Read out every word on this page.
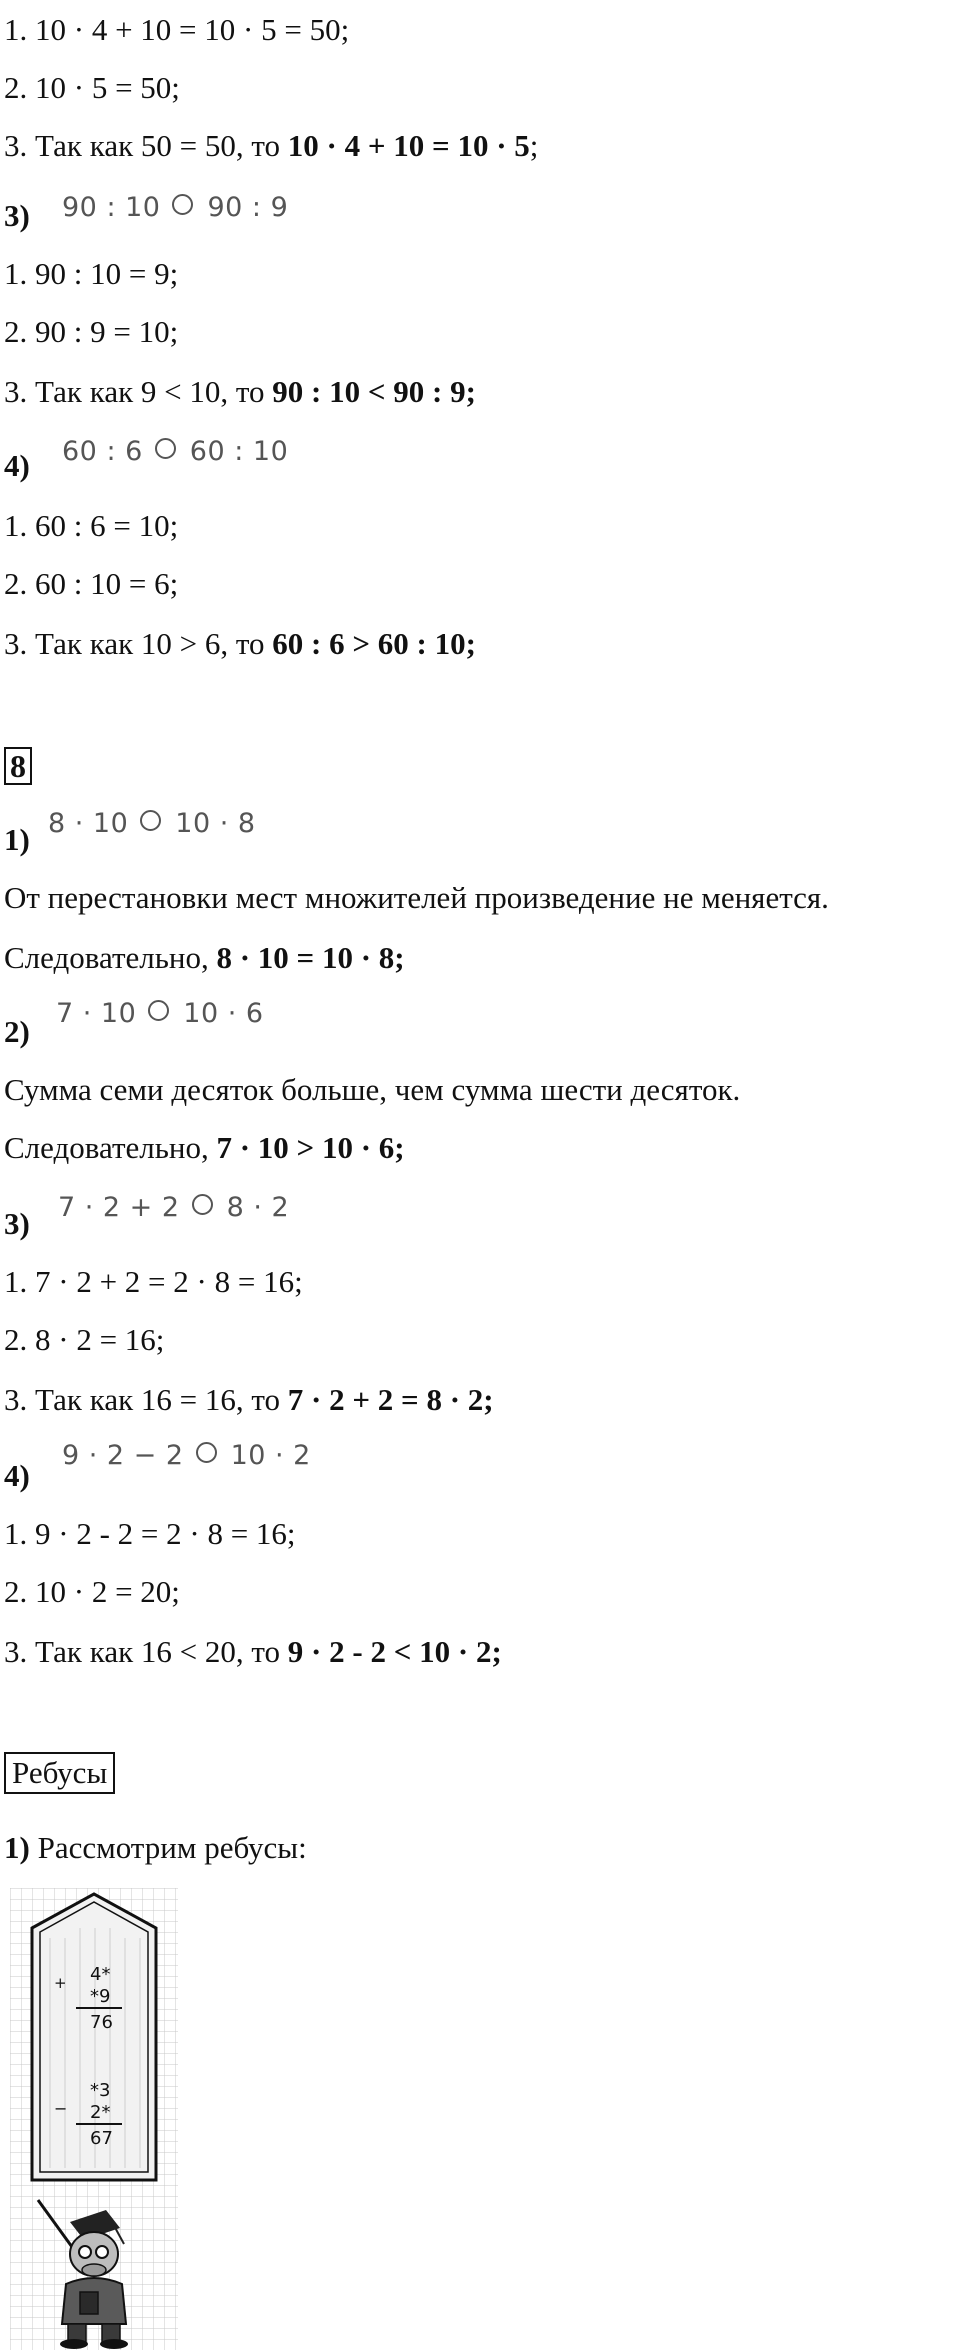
1. 10 · 4 + 10 = 10 · 5 = 50;
2. 10 · 5 = 50;
3. Так как 50 = 50, то 10 · 4 + 10 = 10 · 5;
3) 90 : 10 90 : 9
1. 90 : 10 = 9;
2. 90 : 9 = 10;
3. Так как 9 < 10, то 90 : 10 < 90 : 9;
4) 60 : 6 60 : 10
1. 60 : 6 = 10;
2. 60 : 10 = 6;
3. Так как 10 > 6, то 60 : 6 > 60 : 10;
8
1) 8 · 10 10 · 8
От перестановки мест множителей произведение не меняется.
Следовательно, 8 · 10 = 10 · 8;
2)
7 · 10 10 · 6
Сумма семи десяток больше, чем сумма шести десяток.
Следовательно, 7 · 10 > 10 · 6;
3) 7 · 2 + 2 8 · 2
1. 7 · 2 + 2 = 2 · 8 = 16;
2. 8 · 2 = 16;
3. Так как 16 = 16, то 7 · 2 + 2 = 8 · 2;
4)
9 · 2 − 2 10 · 2
1. 9 · 2 - 2 = 2 · 8 = 16;
2. 10 · 2 = 20;
3. Так как 16 < 20, то 9 · 2 - 2 < 10 · 2;
Ребусы
1) Рассмотрим ребусы:
+ 4*
*9
76
−
*3
2*
67
